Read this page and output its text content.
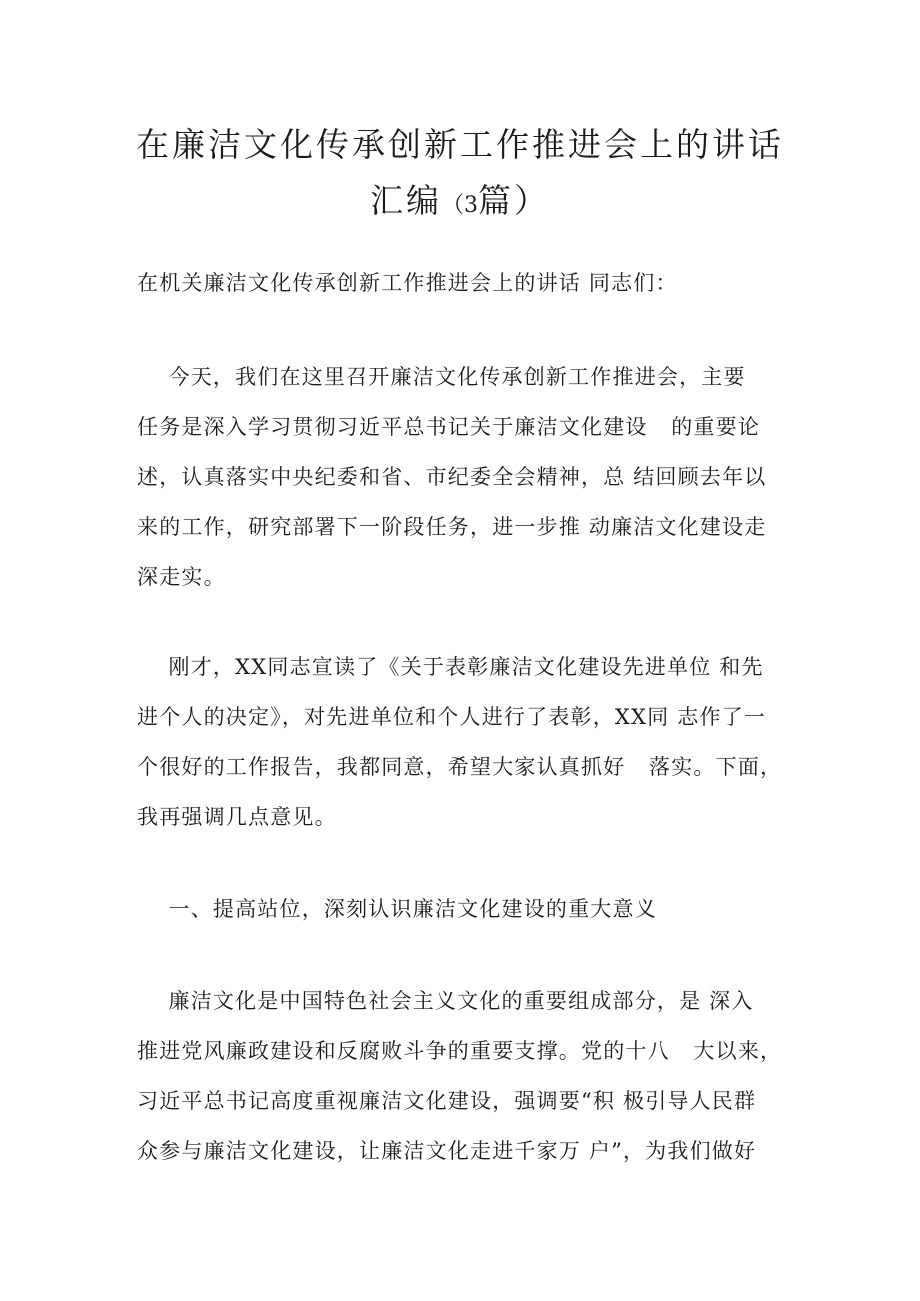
在廉洁文化传承创新工作推进会上的讲话
汇编（3篇）

在机关廉洁文化传承创新工作推进会上的讲话 同志们：

今天，我们在这里召开廉洁文化传承创新工作推进会，主要

任务是深入学习贯彻习近平总书记关于廉洁文化建设   的重要论

述，认真落实中央纪委和省、市纪委全会精神，总 结回顾去年以

来的工作，研究部署下一阶段任务，进一步推 动廉洁文化建设走

深走实。

刚才，XX同志宣读了《关于表彰廉洁文化建设先进单位 和先

进个人的决定》，对先进单位和个人进行了表彰，XX同 志作了一

个很好的工作报告，我都同意，希望大家认真抓好   落实。下面，

我再强调几点意见。

一、提高站位，深刻认识廉洁文化建设的重大意义

廉洁文化是中国特色社会主义文化的重要组成部分，是 深入

推进党风廉政建设和反腐败斗争的重要支撑。党的十八   大以来，

习近平总书记高度重视廉洁文化建设，强调要“积 极引导人民群

众参与廉洁文化建设，让廉洁文化走进千家万 户”，为我们做好
